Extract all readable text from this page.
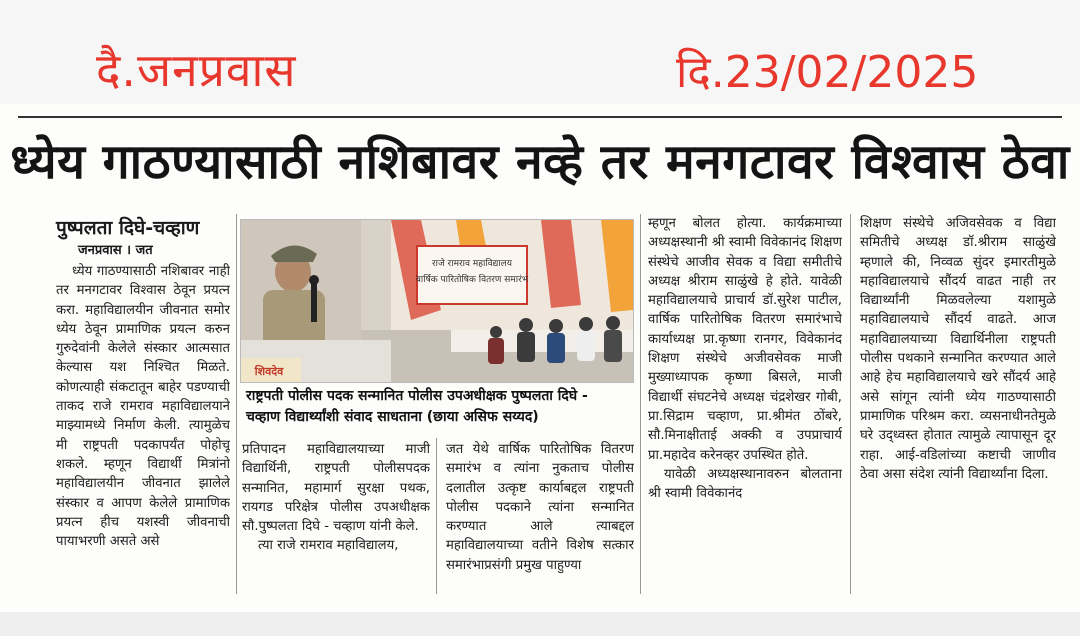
दै.जनप्रवास	दि.23/02/2025
ध्येय गाठण्यासाठी नशिबावर नव्हे तर मनगटावर विश्वास ठेवा
पुष्पलता दिघे-चव्हाण
जनप्रवास । जत

ध्येय गाठण्यासाठी नशिबावर नाही तर मनगटावर विश्वास ठेवून प्रयत्न करा. महाविद्यालयीन जीवनात समोर ध्येय ठेवून प्रामाणिक प्रयत्न करुन गुरुदेवांनी केलेले संस्कार आत्मसात केल्यास यश निश्चित मिळते. कोणत्याही संकटातून बाहेर पडण्याची ताकद राजे रामराव महाविद्यालयाने माझ्यामध्ये निर्माण केली. त्यामुळेच मी राष्ट्रपती पदकापर्यंत पोहोचू शकले. म्हणून विद्यार्थी मित्रांनो महाविद्यालयीन जीवनात झालेले संस्कार व आपण केलेले प्रामाणिक प्रयत्न हीच यशस्वी जीवनाची पायाभरणी असते असे

राजे रामराव महाविद्यालय
वार्षिक पारितोषिक वितरण समारंभ
शिवदेव
राष्ट्रपती पोलीस पदक सन्मानित पोलीस उपअधीक्षक पुष्पलता दिघे - चव्हाण विद्यार्थ्यांशी संवाद साधताना (छाया असिफ सय्यद)

प्रतिपादन महाविद्यालयाच्या माजी विद्यार्थिनी, राष्ट्रपती पोलीसपदक सन्मानित, महामार्ग सुरक्षा पथक, रायगड परिक्षेत्र पोलीस उपअधीक्षक सौ.पुष्पलता दिघे - चव्हाण यांनी केले.

त्या राजे रामराव महाविद्यालय,

जत येथे वार्षिक पारितोषिक वितरण समारंभ व त्यांना नुकताच पोलीस दलातील उत्कृष्ट कार्याबद्दल राष्ट्रपती पोलीस पदकाने त्यांना सन्मानित करण्यात आले त्याबद्दल महाविद्यालयाच्या वतीने विशेष सत्कार समारंभाप्रसंगी प्रमुख पाहुण्या

म्हणून बोलत होत्या. कार्यक्रमाच्या अध्यक्षस्थानी श्री स्वामी विवेकानंद शिक्षण संस्थेचे आजीव सेवक व विद्या समीतीचे अध्यक्ष श्रीराम साळुंखे हे होते. यावेळी महाविद्यालयाचे प्राचार्य डॉ.सुरेश पाटील, वार्षिक पारितोषिक वितरण समारंभाचे कार्याध्यक्ष प्रा.कृष्णा रानगर, विवेकानंद शिक्षण संस्थेचे अजीवसेवक माजी मुख्याध्यापक कृष्णा बिसले, माजी विद्यार्थी संघटनेचे अध्यक्ष चंद्रशेखर गोबी, प्रा.सिद्राम चव्हाण, प्रा.श्रीमंत ठोंबरे, सौ.मिनाक्षीताई अक्की व उपप्राचार्य प्रा.महादेव करेनव्हर उपस्थित होते.

यावेळी अध्यक्षस्थानावरुन बोलताना श्री स्वामी विवेकानंद

शिक्षण संस्थेचे अजिवसेवक व विद्या समितीचे अध्यक्ष डॉ.श्रीराम साळुंखे म्हणाले की, निव्वळ सुंदर इमारतीमुळे महाविद्यालयाचे सौंदर्य वाढत नाही तर विद्यार्थ्यांनी मिळवलेल्या यशामुळे महाविद्यालयाचे सौंदर्य वाढते. आज महाविद्यालयाच्या विद्यार्थिनीला राष्ट्रपती पोलीस पथकाने सन्मानित करण्यात आले आहे हेच महाविद्यालयाचे खरे सौंदर्य आहे असे सांगून त्यांनी ध्येय गाठण्यासाठी प्रामाणिक परिश्रम करा. व्यसनाधीनतेमुळे घरे उद्ध्वस्त होतात त्यामुळे त्यापासून दूर राहा. आई-वडिलांच्या कष्टाची जाणीव ठेवा असा संदेश त्यांनी विद्यार्थ्यांना दिला.
